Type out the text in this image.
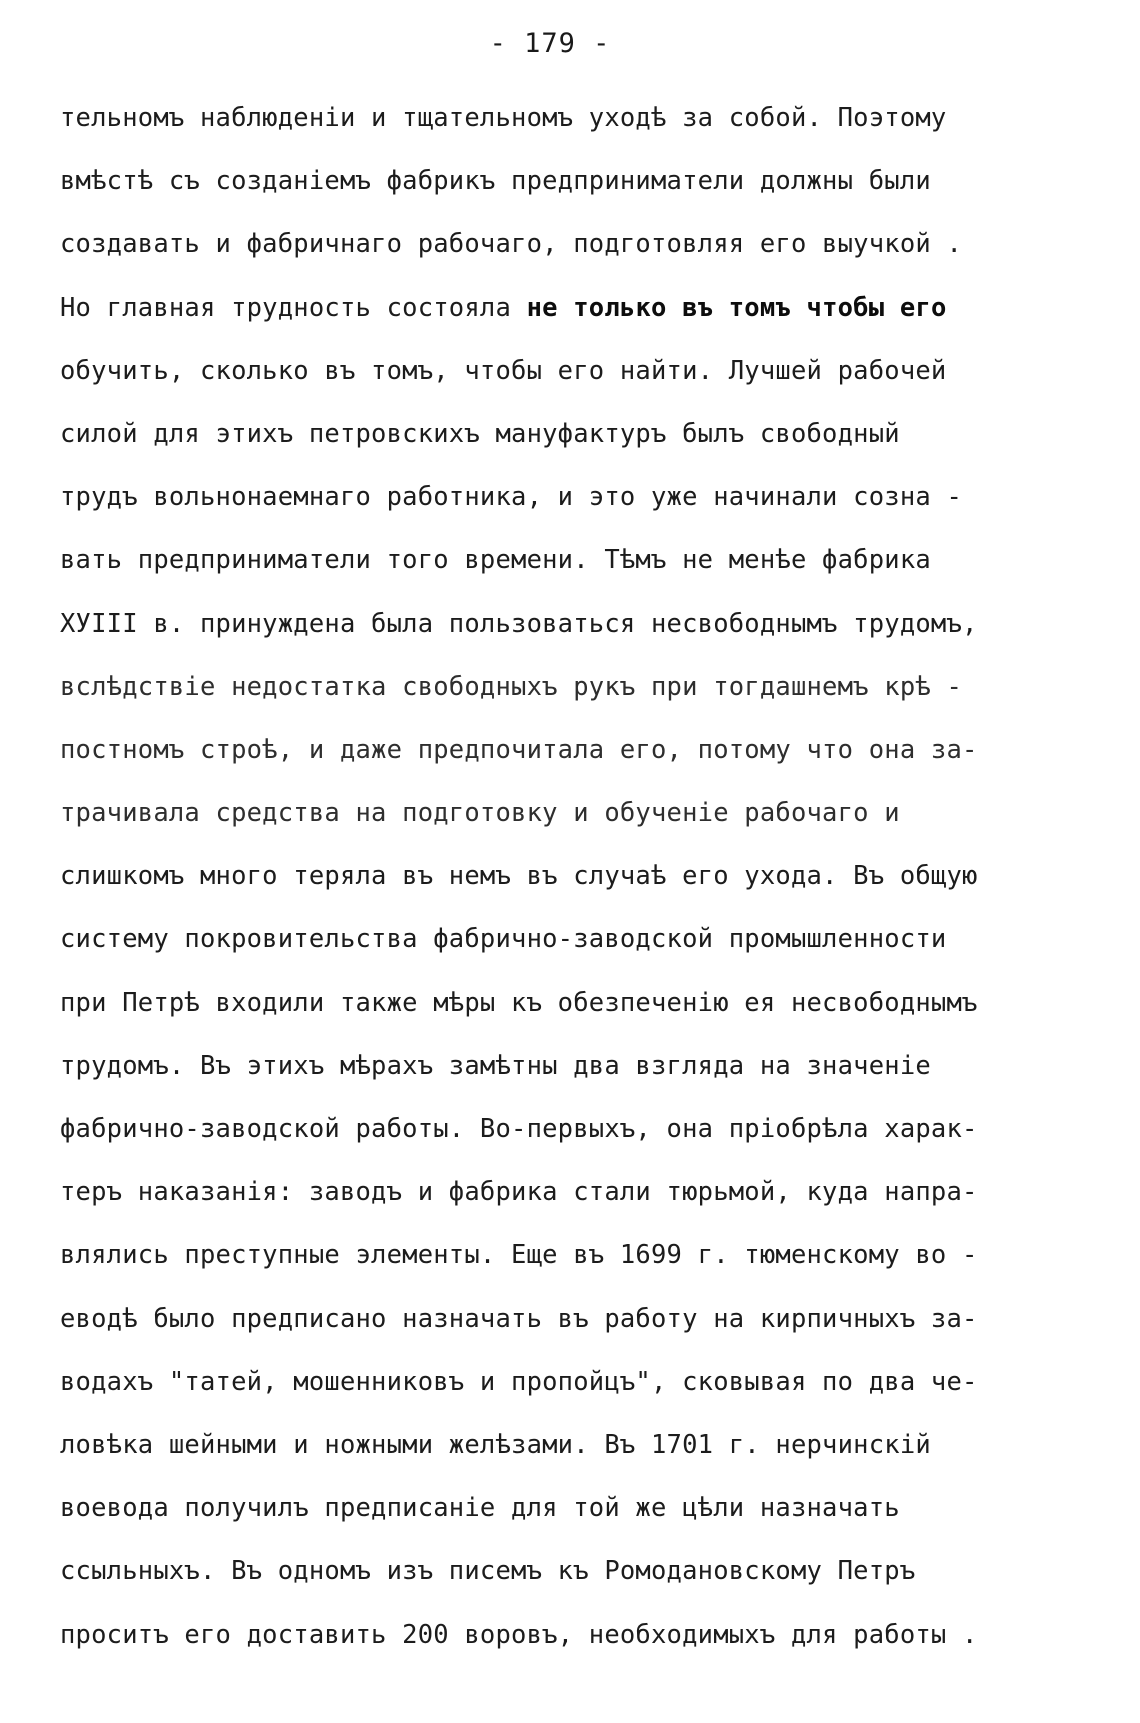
- 179 -
тельномъ наблюденiи и тщательномъ уходѣ за собой. Поэтому
вмѣстѣ съ созданiемъ фабрикъ предприниматели должны были
создавать и фабричнаго рабочаго, подготовляя его выучкой .
Но главная трудность состояла не только въ томъ чтобы его
обучить, сколько въ томъ, чтобы его найти. Лучшей рабочей
силой для этихъ петровскихъ мануфактуръ былъ свободный
трудъ вольнонаемнаго работника, и это уже начинали созна -
вать предприниматели того времени. Тѣмъ не менѣе фабрика
XУIII в. принуждена была пользоваться несвободнымъ трудомъ,
вслѣдствiе недостатка свободныхъ рукъ при тогдашнемъ крѣ -
постномъ строѣ, и даже предпочитала его, потому что она за-
трачивала средства на подготовку и обученiе рабочаго и
слишкомъ много теряла въ немъ въ случаѣ его ухода. Въ общую
систему покровительства фабрично-заводской промышленности
при Петрѣ входили также мѣры къ обезпеченiю ея несвободнымъ
трудомъ. Въ этихъ мѣрахъ замѣтны два взгляда на значенiе
фабрично-заводской работы. Во-первыхъ, она прiобрѣла харак-
теръ наказанiя: заводъ и фабрика стали тюрьмой, куда напра-
влялись преступные элементы. Еще въ 1699 г. тюменскому во -
еводѣ было предписано назначать въ работу на кирпичныхъ за-
водахъ "татей, мошенниковъ и пропойцъ", сковывая по два че-
ловѣка шейными и ножными желѣзами. Въ 1701 г. нерчинскiй
воевода получилъ предписанiе для той же цѣли назначать
ссыльныхъ. Въ одномъ изъ писемъ къ Ромодановскому Петръ
проситъ его доставить 200 воровъ, необходимыхъ для работы .
